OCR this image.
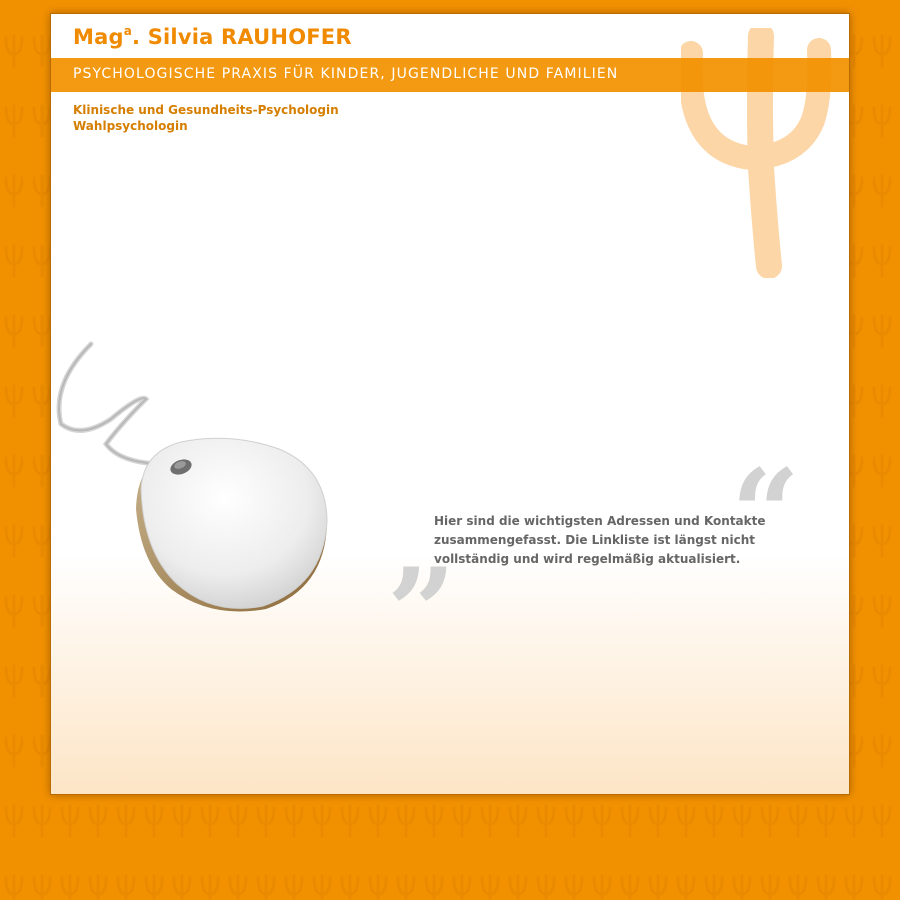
Mag$^a$. Silvia RAUHOFER
PSYCHOLOGISCHE PRAXIS FÜR KINDER, JUGENDLICHE UND FAMILIEN
Klinische und Gesundheits-Psychologin
Wahlpsychologin
„ “

Hier sind die wichtigsten Adressen und Kontakte zusammengefasst. Die Linkliste ist längst nicht vollständig und wird regelmäßig aktualisiert.
